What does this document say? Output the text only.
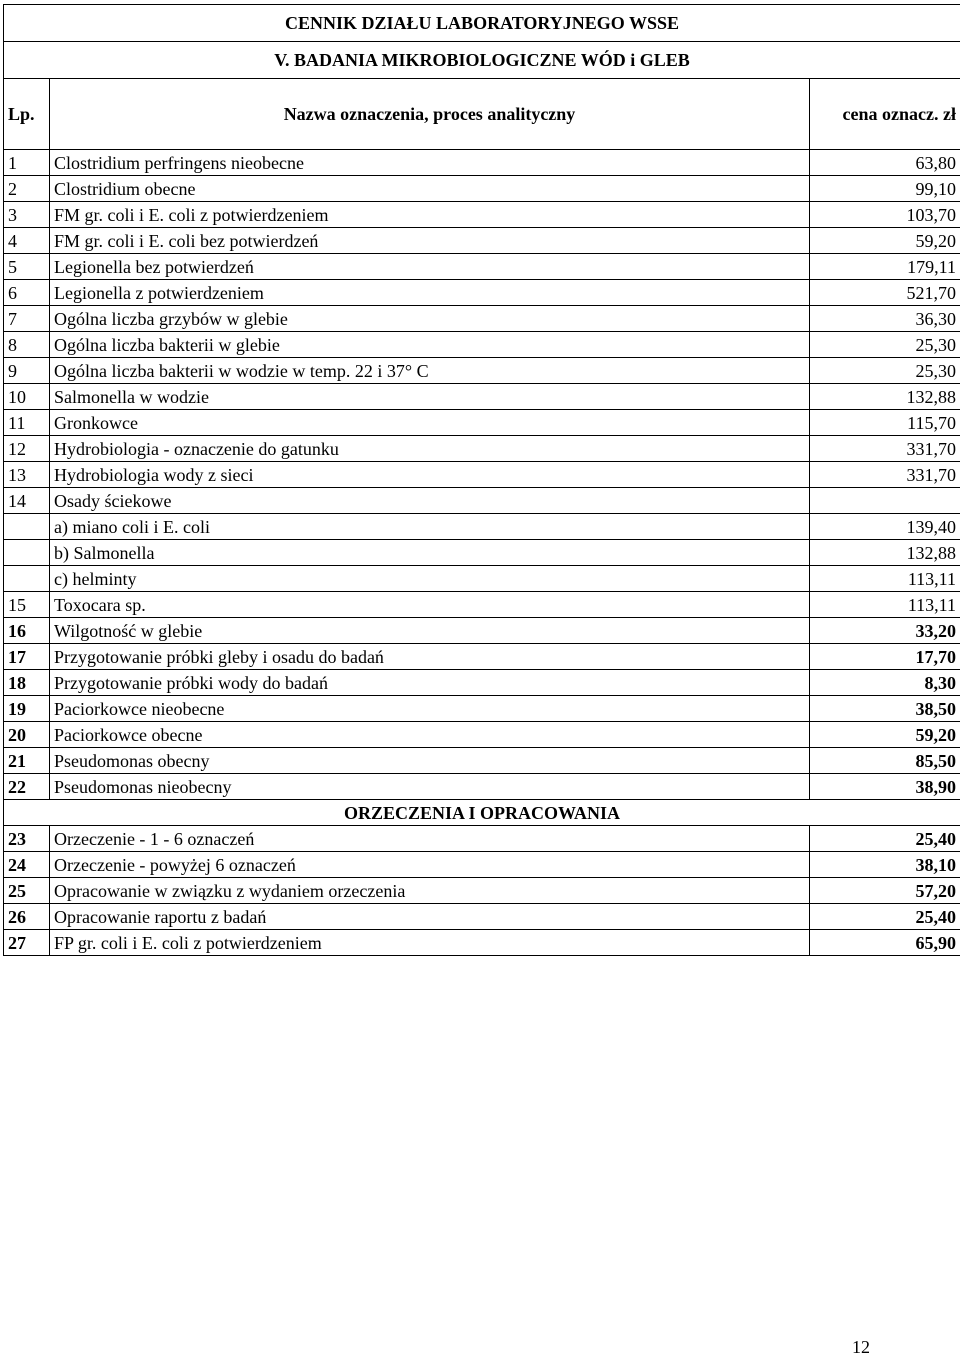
CENNIK DZIAŁU LABORATORYJNEGO WSSE		
V. BADANIA MIKROBIOLOGICZNE WÓD i GLEB		
Lp.	Nazwa oznaczenia, proces analityczny	cena oznacz. zł
1	Clostridium perfringens nieobecne	63,80
2	Clostridium obecne	99,10
3	FM gr. coli i E. coli z potwierdzeniem	103,70
4	FM gr. coli i E. coli bez potwierdzeń	59,20
5	Legionella bez potwierdzeń	179,11
6	Legionella z potwierdzeniem	521,70
7	Ogólna liczba grzybów w glebie	36,30
8	Ogólna liczba bakterii w glebie	25,30
9	Ogólna liczba bakterii w wodzie w temp. 22 i 37° C	25,30
10	Salmonella w wodzie	132,88
11	Gronkowce	115,70
12	Hydrobiologia - oznaczenie do gatunku	331,70
13	Hydrobiologia wody z sieci	331,70
14	Osady ściekowe	
	a) miano coli i E. coli	139,40
	b) Salmonella	132,88
	c) helminty	113,11
15	Toxocara sp.	113,11
16	Wilgotność w glebie	33,20
17	Przygotowanie próbki gleby i osadu do badań	17,70
18	Przygotowanie próbki wody do badań	8,30
19	Paciorkowce nieobecne	38,50
20	Paciorkowce obecne	59,20
21	Pseudomonas obecny	85,50
22	Pseudomonas nieobecny	38,90
ORZECZENIA I OPRACOWANIA		
23	Orzeczenie - 1 - 6 oznaczeń	25,40
24	Orzeczenie - powyżej 6 oznaczeń	38,10
25	Opracowanie w związku z wydaniem orzeczenia	57,20
26	Opracowanie raportu z badań	25,40
27	FP gr. coli i E. coli z potwierdzeniem	65,90
12
